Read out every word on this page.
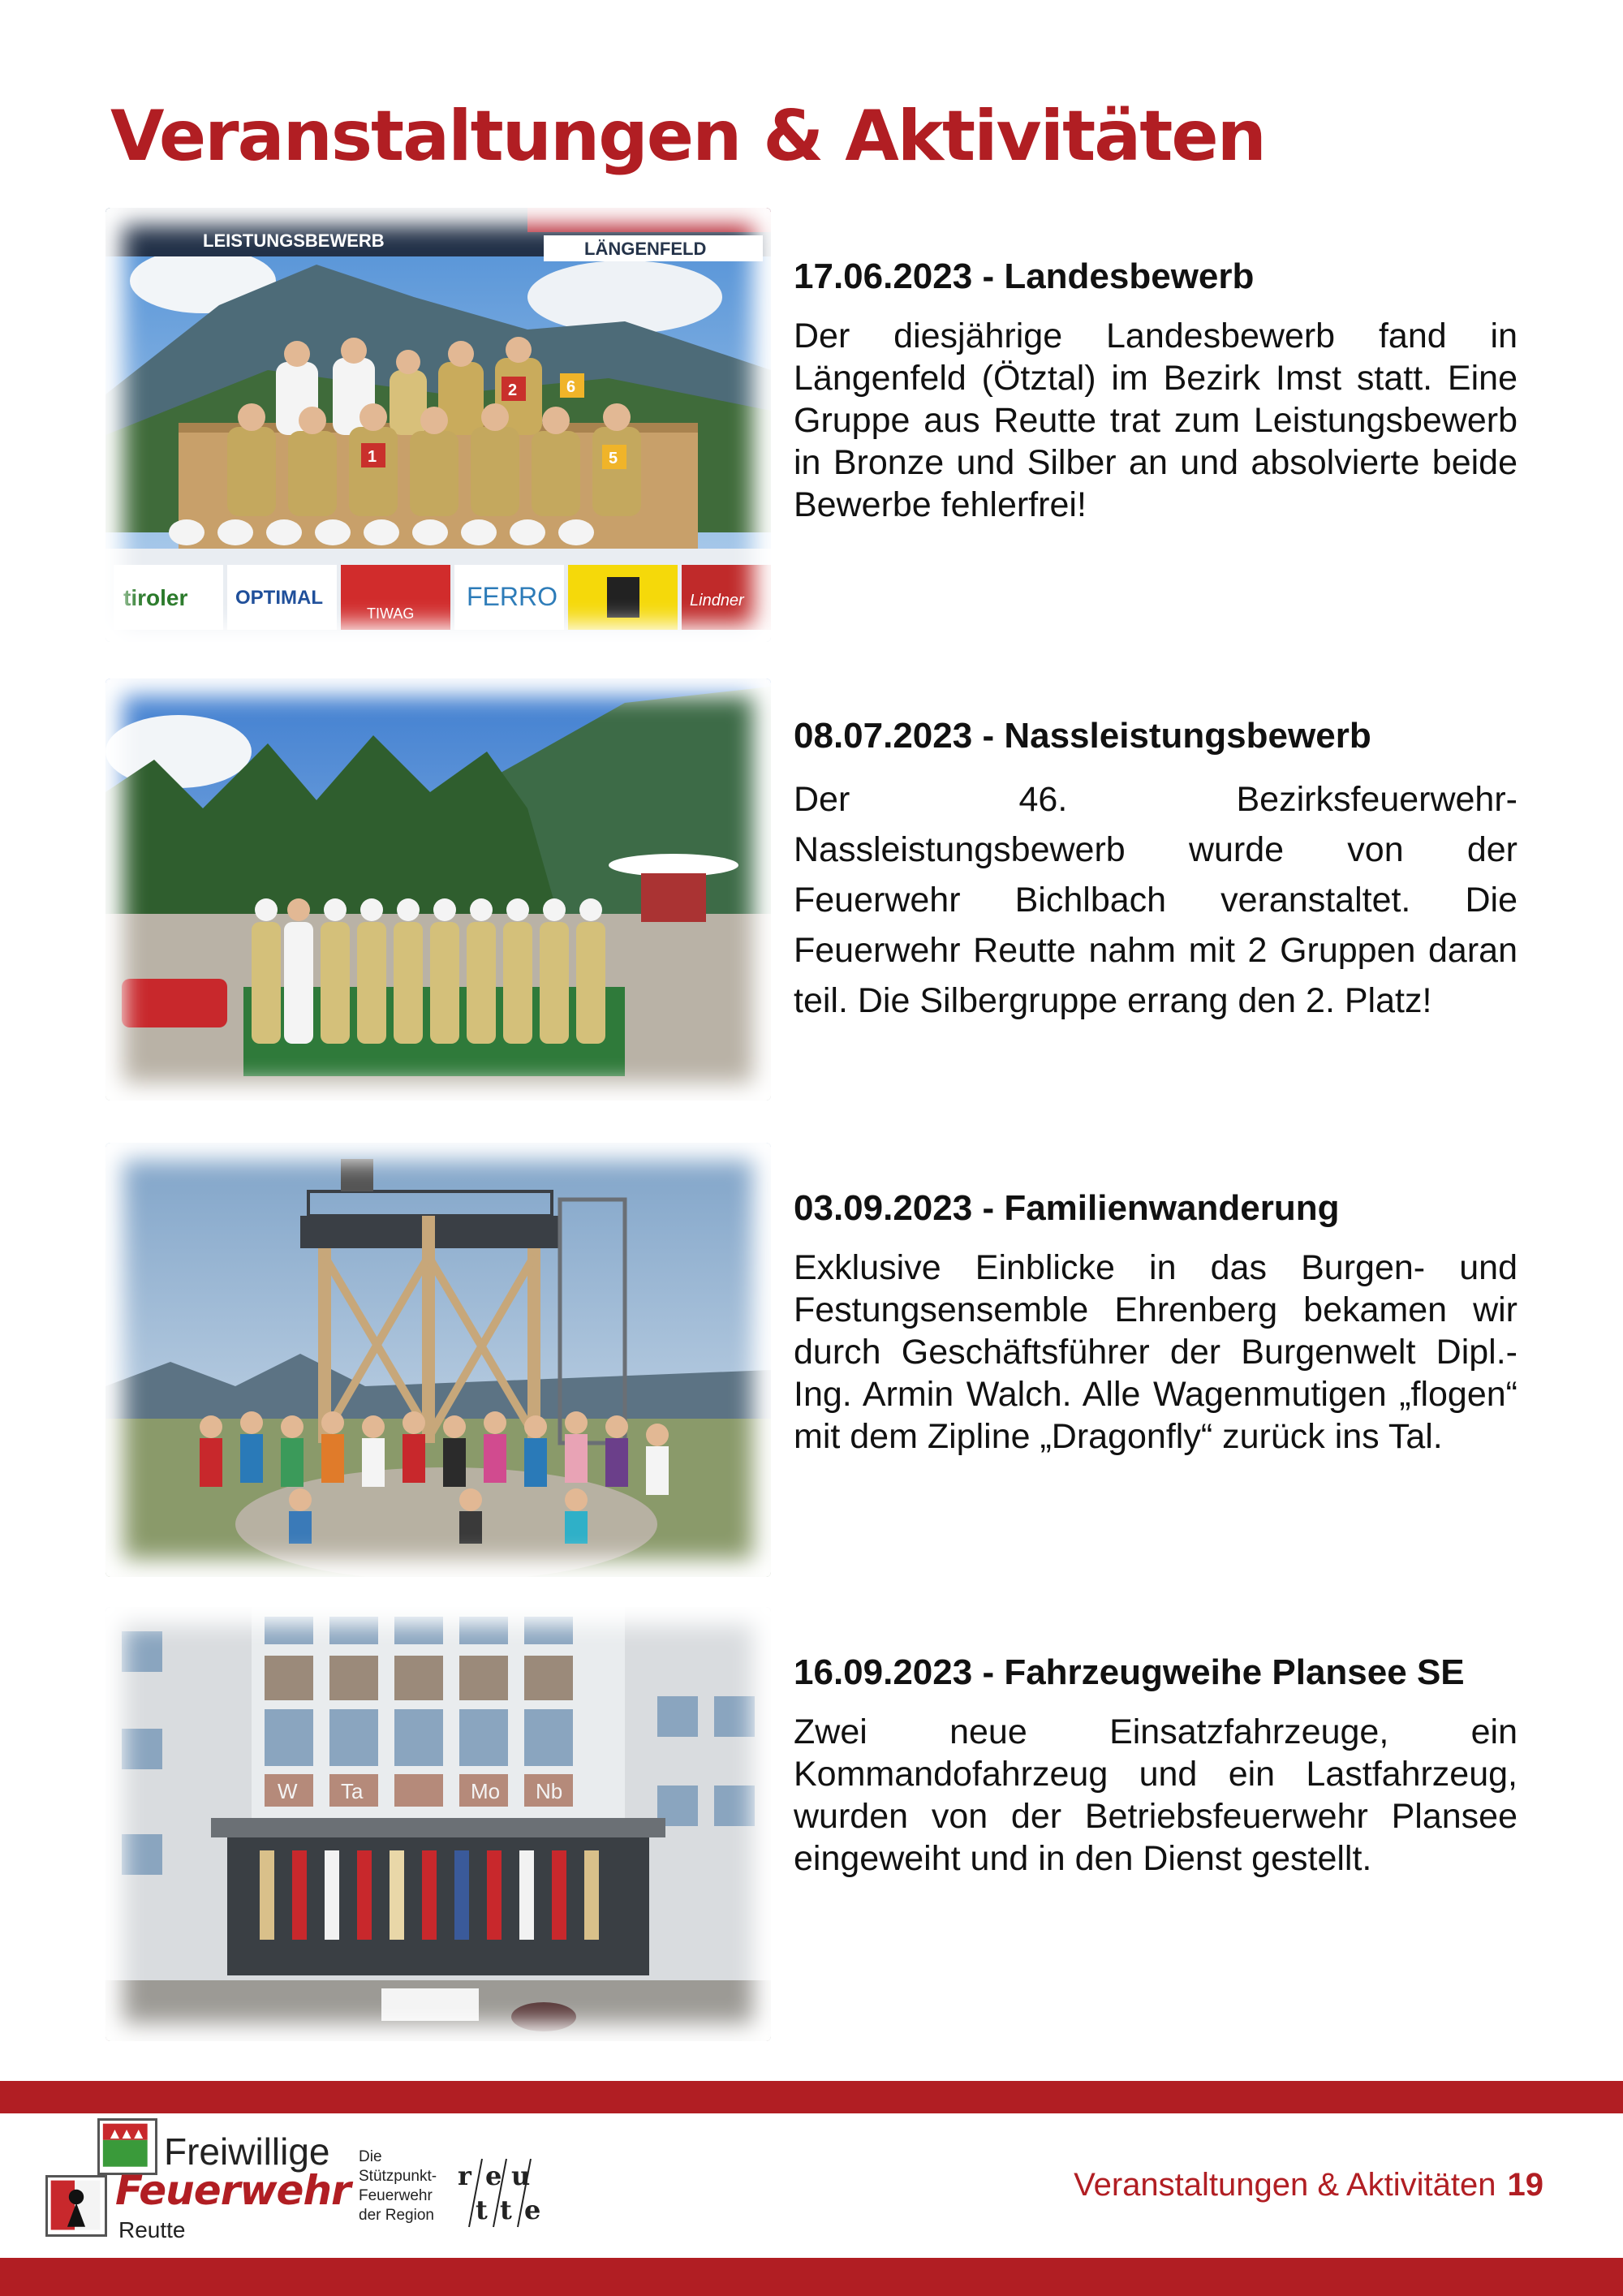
Veranstaltungen & Aktivitäten
LEISTUNGSBEWERB	LÄNGENFELD
2	6
1	5
tiroler OPTIMAL
TIWAG
FERRO	Lindner
17.06.2023 - Landesbewerb
Der diesjährige Landesbewerb fand in Längenfeld (Ötztal) im Bezirk Imst statt. Eine Gruppe aus Reutte trat zum Leistungsbewerb in Bronze und Silber an und absolvierte beide Bewerbe fehlerfrei!
08.07.2023 - Nassleistungsbewerb
Der 46. Bezirksfeuerwehr-Nassleistungsbewerb wurde von der Feuerwehr Bichlbach veranstaltet. Die Feuerwehr Reutte nahm mit 2 Gruppen daran teil. Die Silbergruppe errang den 2. Platz!
03.09.2023 - Familienwanderung
Exklusive Einblicke in das Burgen- und Festungsensemble Ehrenberg bekamen wir durch Geschäftsführer der Burgenwelt Dipl.-Ing. Armin Walch. Alle Wagenmutigen „flogen“ mit dem Zipline „Dragonfly“ zurück ins Tal.
W Ta	Mo Nb
16.09.2023 - Fahrzeugweihe Plansee SE
Zwei neue Einsatzfahrzeuge, ein Kommandofahrzeug und ein Lastfahrzeug, wurden von der Betriebsfeuerwehr Plansee eingeweiht und in den Dienst gestellt.
Freiwillige
Feuerwehr
Reutte
Die
Stützpunkt-
Feuerwehr
der Region
r e u
t t e
Veranstaltungen & Aktivitäten 19
